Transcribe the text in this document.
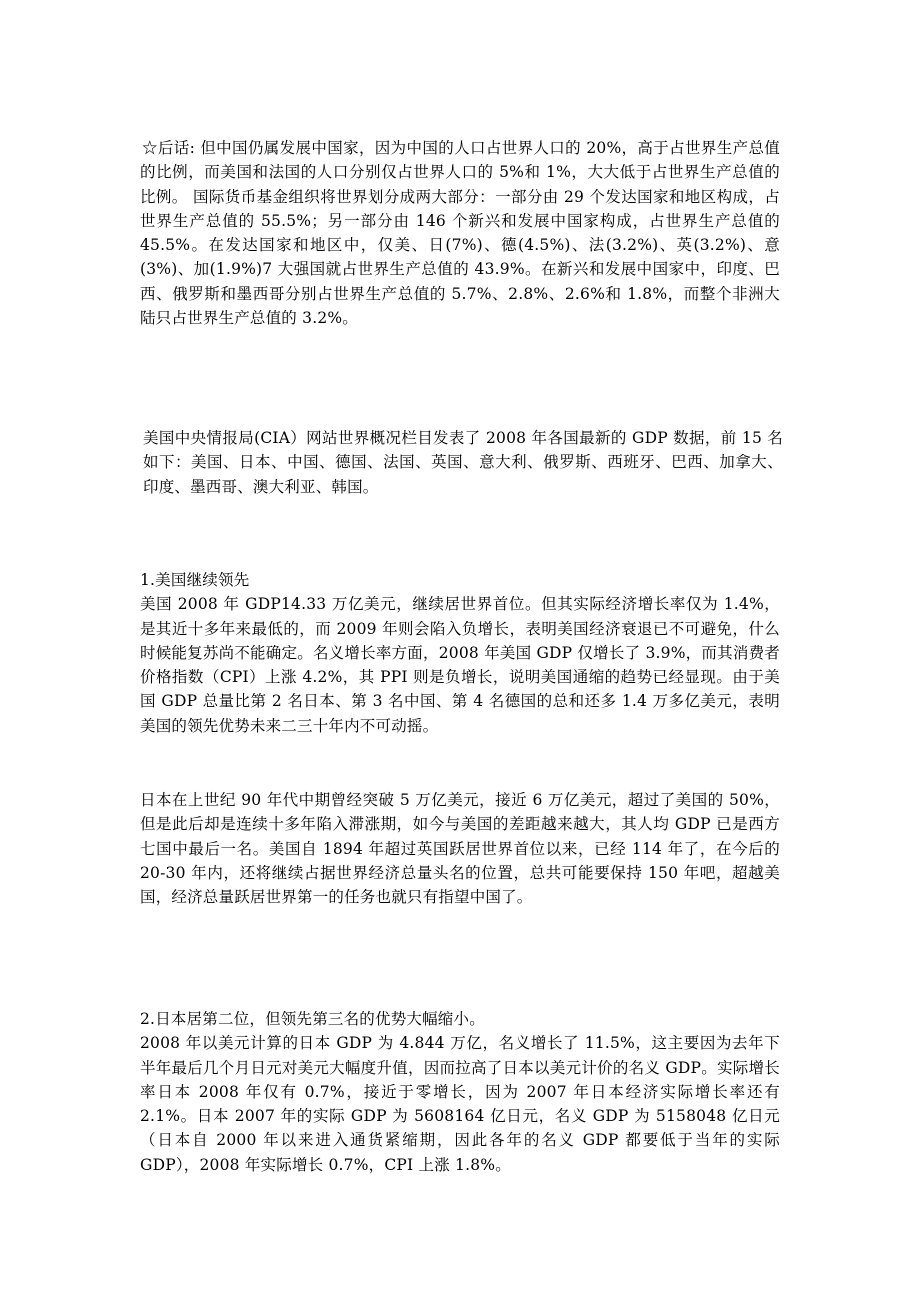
☆后话: 但中国仍属发展中国家，因为中国的人口占世界人口的 20%，高于占世界生产总值的比例，而美国和法国的人口分别仅占世界人口的 5%和 1%，大大低于占世界生产总值的比例。 国际货币基金组织将世界划分成两大部分：一部分由 29 个发达国家和地区构成，占世界生产总值的 55.5%；另一部分由 146 个新兴和发展中国家构成，占世界生产总值的 45.5%。在发达国家和地区中，仅美、日(7%)、德(4.5%)、法(3.2%)、英(3.2%)、意(3%)、加(1.9%)7 大强国就占世界生产总值的 43.9%。在新兴和发展中国家中，印度、巴西、俄罗斯和墨西哥分别占世界生产总值的 5.7%、2.8%、2.6%和 1.8%，而整个非洲大陆只占世界生产总值的 3.2%。

美国中央情报局(CIA）网站世界概况栏目发表了 2008 年各国最新的 GDP 数据，前 15 名如下：美国、日本、中国、德国、法国、英国、意大利、俄罗斯、西班牙、巴西、加拿大、印度、墨西哥、澳大利亚、韩国。

1.美国继续领先

美国 2008 年 GDP14.33 万亿美元，继续居世界首位。但其实际经济增长率仅为 1.4%，是其近十多年来最低的，而 2009 年则会陷入负增长，表明美国经济衰退已不可避免，什么时候能复苏尚不能确定。名义增长率方面，2008 年美国 GDP 仅增长了 3.9%，而其消费者价格指数（CPI）上涨 4.2%，其 PPI 则是负增长，说明美国通缩的趋势已经显现。由于美国 GDP 总量比第 2 名日本、第 3 名中国、第 4 名德国的总和还多 1.4 万多亿美元，表明美国的领先优势未来二三十年内不可动摇。

日本在上世纪 90 年代中期曾经突破 5 万亿美元，接近 6 万亿美元，超过了美国的 50%，但是此后却是连续十多年陷入滞涨期，如今与美国的差距越来越大，其人均 GDP 已是西方七国中最后一名。美国自 1894 年超过英国跃居世界首位以来，已经 114 年了，在今后的 20-30 年内，还将继续占据世界经济总量头名的位置，总共可能要保持 150 年吧，超越美国，经济总量跃居世界第一的任务也就只有指望中国了。

2.日本居第二位，但领先第三名的优势大幅缩小。

2008 年以美元计算的日本 GDP 为 4.844 万亿，名义增长了 11.5%，这主要因为去年下半年最后几个月日元对美元大幅度升值，因而拉高了日本以美元计价的名义 GDP。实际增长率日本 2008 年仅有 0.7%，接近于零增长，因为 2007 年日本经济实际增长率还有 2.1%。日本 2007 年的实际 GDP 为 5608164 亿日元，名义 GDP 为 5158048 亿日元（日本自 2000 年以来进入通货紧缩期，因此各年的名义 GDP 都要低于当年的实际 GDP），2008 年实际增长 0.7%，CPI 上涨 1.8%。
